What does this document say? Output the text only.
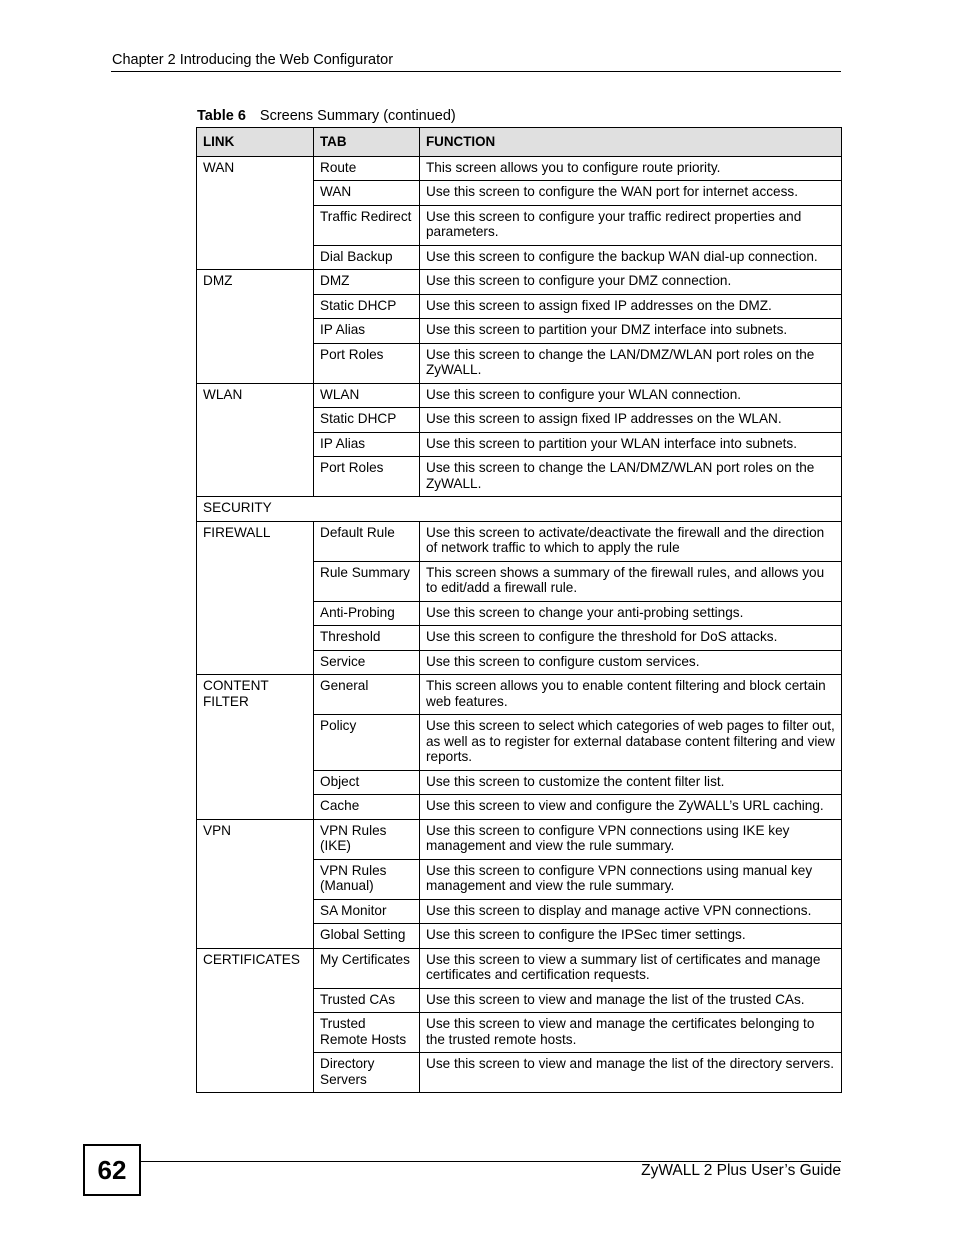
Chapter 2 Introducing the Web Configurator
Table 6 Screens Summary (continued)
LINK	TAB	FUNCTION
WAN	Route	This screen allows you to configure route priority.
	WAN	Use this screen to configure the WAN port for internet access.
	Traffic Redirect	Use this screen to configure your traffic redirect properties and parameters.
	Dial Backup	Use this screen to configure the backup WAN dial-up connection.
DMZ	DMZ	Use this screen to configure your DMZ connection.
	Static DHCP	Use this screen to assign fixed IP addresses on the DMZ.
	IP Alias	Use this screen to partition your DMZ interface into subnets.
	Port Roles	Use this screen to change the LAN/DMZ/WLAN port roles on the ZyWALL.
WLAN	WLAN	Use this screen to configure your WLAN connection.
	Static DHCP	Use this screen to assign fixed IP addresses on the WLAN.
	IP Alias	Use this screen to partition your WLAN interface into subnets.
	Port Roles	Use this screen to change the LAN/DMZ/WLAN port roles on the ZyWALL.
SECURITY		
FIREWALL	Default Rule	Use this screen to activate/deactivate the firewall and the direction of network traffic to which to apply the rule
	Rule Summary	This screen shows a summary of the firewall rules, and allows you to edit/add a firewall rule.
	Anti-Probing	Use this screen to change your anti-probing settings.
	Threshold	Use this screen to configure the threshold for DoS attacks.
	Service	Use this screen to configure custom services.
CONTENT FILTER	General	This screen allows you to enable content filtering and block certain web features.
	Policy	Use this screen to select which categories of web pages to filter out, as well as to register for external database content filtering and view reports.
	Object	Use this screen to customize the content filter list.
	Cache	Use this screen to view and configure the ZyWALL’s URL caching.
VPN	VPN Rules (IKE)	Use this screen to configure VPN connections using IKE key management and view the rule summary.
	VPN Rules (Manual)	Use this screen to configure VPN connections using manual key management and view the rule summary.
	SA Monitor	Use this screen to display and manage active VPN connections.
	Global Setting	Use this screen to configure the IPSec timer settings.
CERTIFICATES	My Certificates	Use this screen to view a summary list of certificates and manage certificates and certification requests.
	Trusted CAs	Use this screen to view and manage the list of the trusted CAs.
	Trusted Remote Hosts	Use this screen to view and manage the certificates belonging to the trusted remote hosts.
	Directory Servers	Use this screen to view and manage the list of the directory servers.
62	ZyWALL 2 Plus User’s Guide
